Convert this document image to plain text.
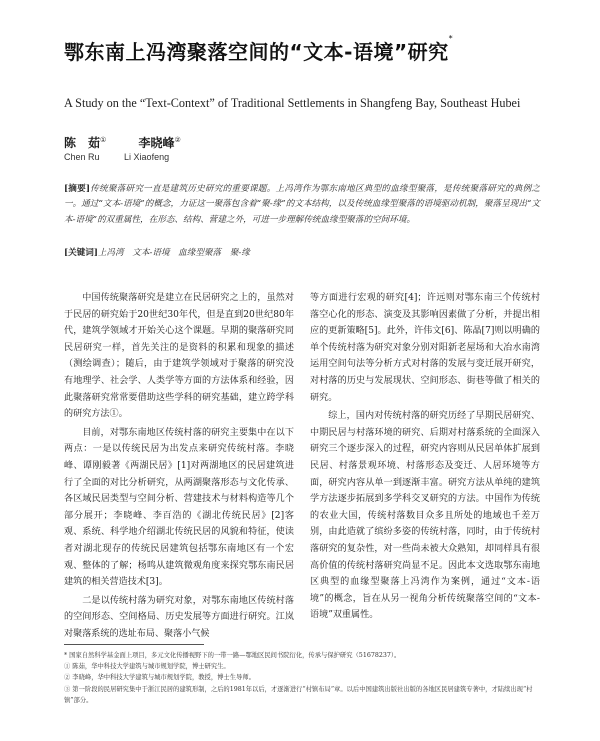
鄂东南上冯湾聚落空间的“文本-语境”研究*
A Study on the “Text-Context” of Traditional Settlements in Shangfeng Bay, Southeast Hubei
陈　茹①	李晓峰②
Chen Ru	Li Xiaofeng
[摘要]传统聚落研究一直是建筑历史研究的重要课题。上冯湾作为鄂东南地区典型的血缘型聚落，是传统聚落研究的典例之一。通过“文本-语境”的概念，力证这一聚落包含着“聚-缘”的文本结构，以及传统血缘型聚落的语境驱动机制，聚落呈现出“文本-语境”的双重属性，在形态、结构、营建之外，可进一步理解传统血缘型聚落的空间环境。
[关键词]上冯湾　文本-语境　血缘型聚落　聚-缘

中国传统聚落研究是建立在民居研究之上的，虽然对于民居的研究始于20世纪30年代，但是直到20世纪80年代，建筑学领域才开始关心这个课题。早期的聚落研究同民居研究一样，首先关注的是资料的积累和现象的描述（测绘调查）；随后，由于建筑学领域对于聚落的研究没有地理学、社会学、人类学等方面的方法体系和经验，因此聚落研究常常要借助这些学科的研究基础，建立跨学科的研究方法①。

目前，对鄂东南地区传统村落的研究主要集中在以下两点：一是以传统民居为出发点来研究传统村落。李晓峰、谭刚毅著《两湖民居》[1]对两湖地区的民居建筑进行了全面的对比分析研究，从两湖聚落形态与文化传承、各区域民居类型与空间分析、营建技术与材料构造等几个部分展开；李晓峰、李百浩的《湖北传统民居》[2]客观、系统、科学地介绍湖北传统民居的风貌和特征，使读者对湖北现存的传统民居建筑包括鄂东南地区有一个宏观、整体的了解；杨鸣从建筑微观角度来探究鄂东南民居建筑的相关营造技术[3]。

二是以传统村落为研究对象，对鄂东南地区传统村落的空间形态、空间格局、历史发展等方面进行研究。江岚对聚落系统的选址布局、聚落小气候

等方面进行宏观的研究[4]；许远则对鄂东南三个传统村落空心化的形态、演变及其影响因素做了分析，并提出相应的更新策略[5]。此外，许伟文[6]、陈晶[7]则以明确的单个传统村落为研究对象分别对阳新老屋场和大冶水南湾运用空间句法等分析方式对村落的发展与变迁展开研究，对村落的历史与发展现状、空间形态、街巷等做了相关的研究。

综上，国内对传统村落的研究历经了早期民居研究、中期民居与村落环境的研究、后期对村落系统的全面深入研究三个逐步深入的过程，研究内容则从民居单体扩展到民居、村落景观环境、村落形态及变迁、人居环境等方面，研究内容从单一到逐渐丰富。研究方法从单纯的建筑学方法逐步拓展到多学科交叉研究的方法。中国作为传统的农业大国，传统村落数目众多且所处的地域也千差万别，由此造就了缤纷多姿的传统村落，同时，由于传统村落研究的复杂性，对一些尚未被大众熟知，却同样具有很高价值的传统村落研究尚显不足。因此本文选取鄂东南地区典型的血缘型聚落上冯湾作为案例，通过“文本-语境”的概念，旨在从另一视角分析传统聚落空间的“文本-语境”双重属性。

* 国家自然科学基金面上项目，多元文化传播视野下的一带一路—鄂地区民间书院衍化，传承与保护研究（51678237）。
① 陈茹，华中科技大学建筑与城市规划学院，博士研究生。
② 李晓峰，华中科技大学建筑与城市规划学院，教授，博士生导师。
③ 第一阶段的民居研究集中于浙江民居的建筑形制，之后的1981年以后，才逐渐进行“村镇布局”章。以后中国建筑出版社出版的各地区民居建筑专著中，才陆续出现“村镇”部分。
